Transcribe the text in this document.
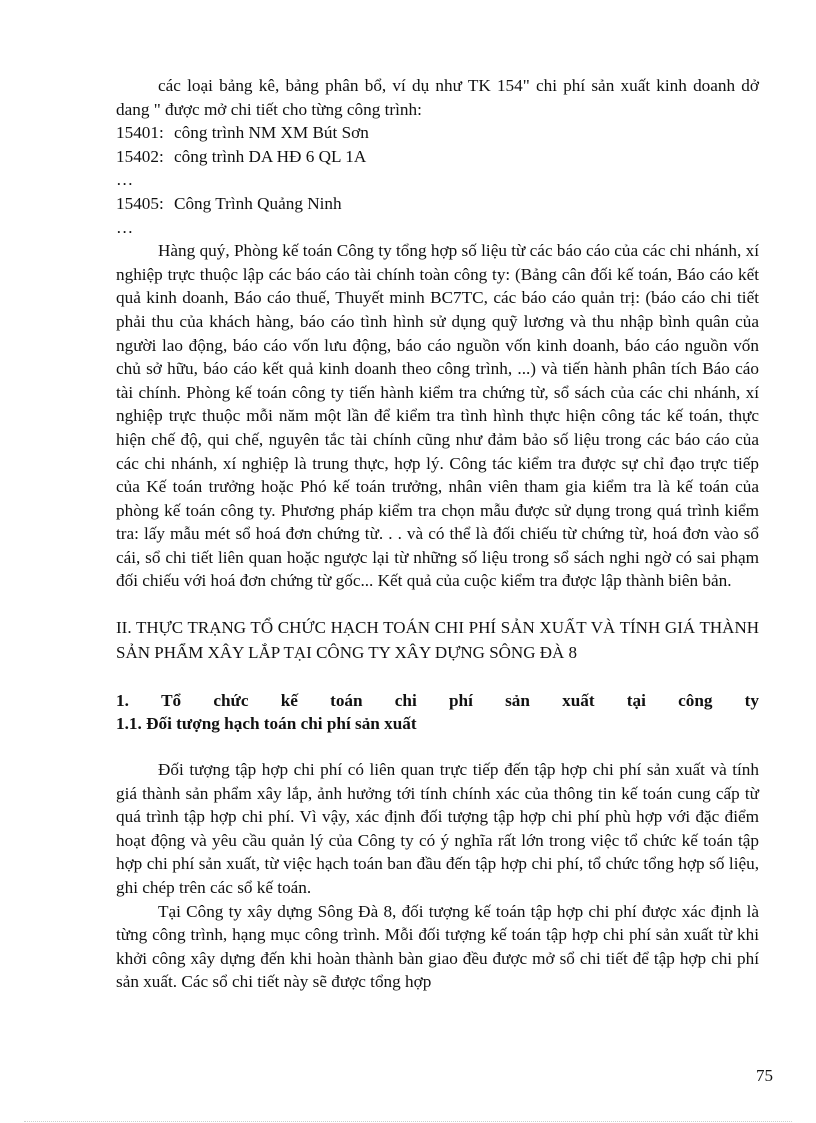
các loại bảng kê, bảng phân bổ, ví dụ như TK 154" chi phí sản xuất kinh doanh dở dang " được mở chi tiết cho từng công trình:

15401: công trình NM XM Bút Sơn

15402: công trình DA HĐ 6 QL 1A

…

15405: Công Trình Quảng Ninh

…

Hàng quý, Phòng kế toán Công ty tổng hợp số liệu từ các báo cáo của các chi nhánh, xí nghiệp trực thuộc lập các báo cáo tài chính toàn công ty: (Bảng cân đối kế toán, Báo cáo kết quả kinh doanh, Báo cáo thuế, Thuyết minh BC7TC, các báo cáo quản trị: (báo cáo chi tiết phải thu của khách hàng, báo cáo tình hình sử dụng quỹ lương và thu nhập bình quân của người lao động, báo cáo vốn lưu động, báo cáo nguồn vốn kinh doanh, báo cáo nguồn vốn chủ sở hữu, báo cáo kết quả kinh doanh theo công trình, ...) và tiến hành phân tích Báo cáo tài chính. Phòng kế toán công ty tiến hành kiểm tra chứng từ, sổ sách của các chi nhánh, xí nghiệp trực thuộc mỗi năm một lần để kiểm tra tình hình thực hiện công tác kế toán, thực hiện chế độ, qui chế, nguyên tắc tài chính cũng như đảm bảo số liệu trong các báo cáo của các chi nhánh, xí nghiệp là trung thực, hợp lý. Công tác kiểm tra được sự chỉ đạo trực tiếp của Kế toán trưởng hoặc Phó kế toán trưởng, nhân viên tham gia kiểm tra là kế toán của phòng kế toán công ty. Phương pháp kiểm tra chọn mẫu được sử dụng trong quá trình kiểm tra: lấy mẫu mét sổ hoá đơn chứng từ. . . và có thể là đối chiếu từ chứng từ, hoá đơn vào sổ cái, sổ chi tiết liên quan hoặc ngược lại từ những số liệu trong sổ sách nghi ngờ có sai phạm đối chiếu với hoá đơn chứng từ gốc... Kết quả của cuộc kiểm tra được lập thành biên bản.

II. THỰC TRẠNG TỔ CHỨC HẠCH TOÁN CHI PHÍ SẢN XUẤT VÀ TÍNH GIÁ THÀNH SẢN PHẨM XÂY LẮP TẠI CÔNG TY XÂY DỰNG SÔNG ĐÀ 8

1. Tổ chức kế toán chi phí sản xuất tại công ty

1.1. Đối tượng hạch toán chi phí sản xuất

Đối tượng tập hợp chi phí có liên quan trực tiếp đến tập hợp chi phí sản xuất và tính giá thành sản phẩm xây lắp, ảnh hưởng tới tính chính xác của thông tin kế toán cung cấp từ quá trình tập hợp chi phí. Vì vậy, xác định đối tượng tập hợp chi phí phù hợp với đặc điểm hoạt động và yêu cầu quản lý của Công ty có ý nghĩa rất lớn trong việc tổ chức kế toán tập hợp chi phí sản xuất, từ việc hạch toán ban đầu đến tập hợp chi phí, tổ chức tổng hợp số liệu, ghi chép trên các sổ kế toán.

Tại Công ty xây dựng Sông Đà 8, đối tượng kế toán tập hợp chi phí được xác định là từng công trình, hạng mục công trình. Mỗi đối tượng kế toán tập hợp chi phí sản xuất từ khi khởi công xây dựng đến khi hoàn thành bàn giao đều được mở sổ chi tiết để tập hợp chi phí sản xuất. Các sổ chi tiết này sẽ được tổng hợp

75
